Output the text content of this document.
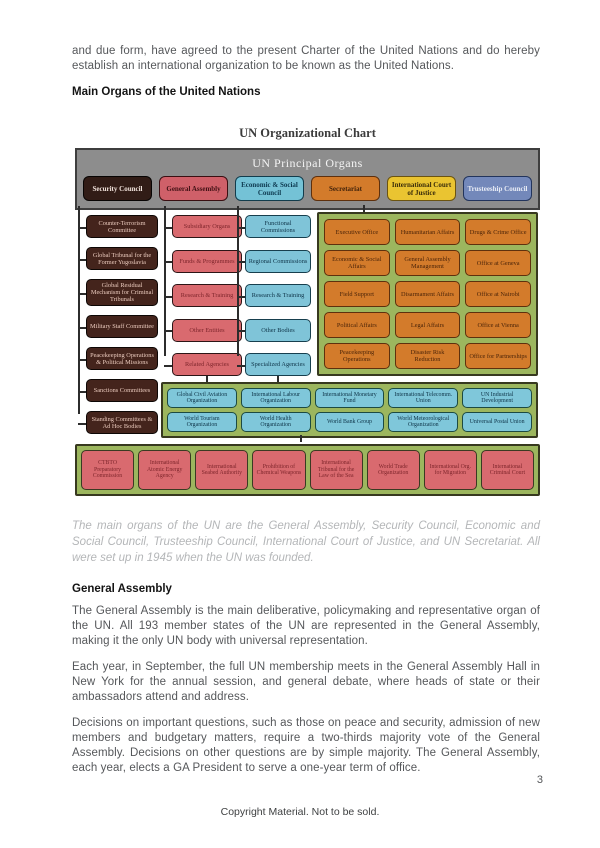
and due form, have agreed to the present Charter of the United Nations and do hereby establish an international organization to be known as the United Nations.

Main Organs of the United Nations
UN Organizational Chart
UN Principal Organs
Security Council	General Assembly	Economic & Social Council	Secretariat	International Court of Justice	Trusteeship Council
Counter-Terrorism Committee
Global Tribunal for the Former Yugoslavia
Global Residual Mechanism for Criminal Tribunals
Military Staff Committee
Peacekeeping Operations & Political Missions
Sanctions Committees
Standing Committees & Ad Hoc Bodies
Subsidiary Organs
Funds & Programmes
Research & Training
Other Entities
Related Agencies
Functional Commissions
Regional Commissions
Research & Training
Other Bodies
Specialized Agencies
Executive Office
Economic & Social Affairs
Field Support
Political Affairs
Peacekeeping Operations
Humanitarian Affairs
General Assembly Management
Disarmament Affairs
Legal Affairs
Disaster Risk Reduction
Drugs & Crime Office
Office at Geneva
Office at Nairobi
Office at Vienna
Office for Partnerships
Global Civil Aviation Organization
World Tourism Organization
International Labour Organization
World Health Organization
International Monetary Fund
World Bank Group
International Telecomm. Union
World Meteorological Organization
UN Industrial Development
Universal Postal Union
CTBTO Preparatory Commission
International Atomic Energy Agency
International Seabed Authority
Prohibition of Chemical Weapons
International Tribunal for the Law of the Sea
World Trade Organization
International Org. for Migration
International Criminal Court

The main organs of the UN are the General Assembly, Security Council, Economic and Social Council, Trusteeship Council, International Court of Justice, and UN Secretariat. All were set up in 1945 when the UN was founded.

General Assembly

The General Assembly is the main deliberative, policymaking and representative organ of the UN. All 193 member states of the UN are represented in the General Assembly, making it the only UN body with universal representation.

Each year, in September, the full UN membership meets in the General Assembly Hall in New York for the annual session, and general debate, where heads of state or their ambassadors attend and address.

Decisions on important questions, such as those on peace and security, admission of new members and budgetary matters, require a two-thirds majority vote of the General Assembly. Decisions on other questions are by simple majority. The General Assembly, each year, elects a GA President to serve a one-year term of office.

3
Copyright Material. Not to be sold.
